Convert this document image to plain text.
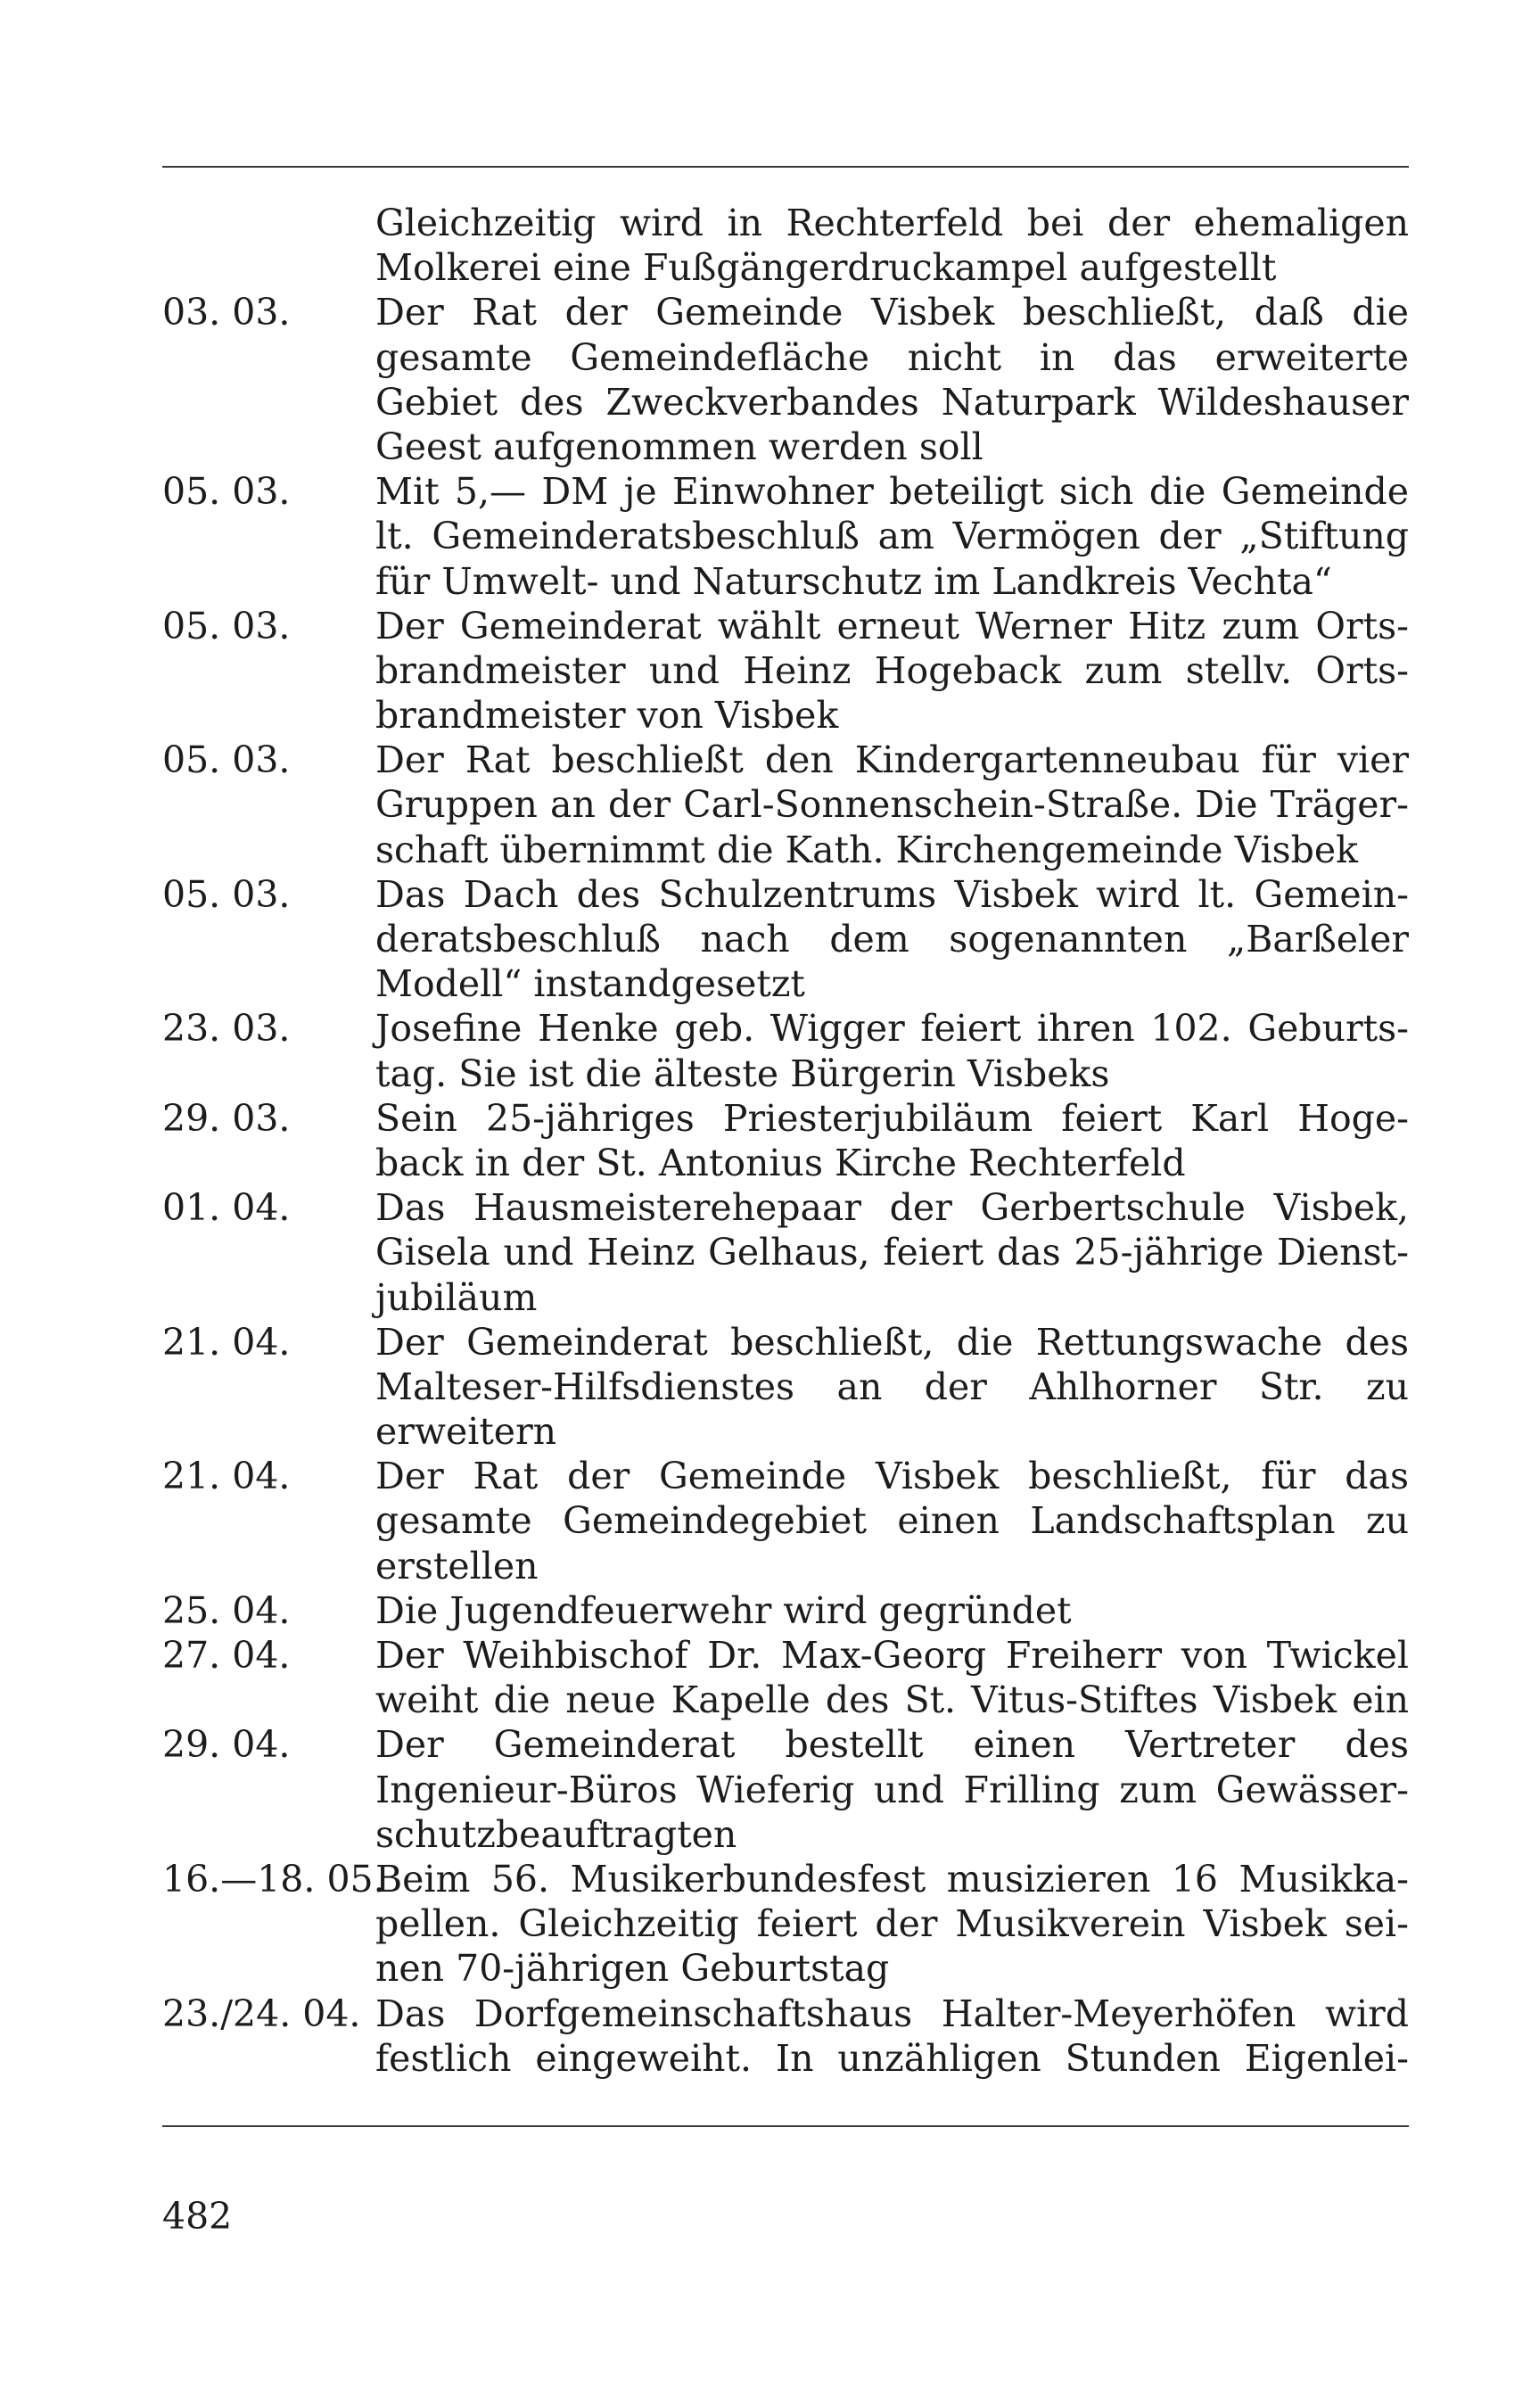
Gleichzeitig wird in Rechterfeld bei der ehemaligen
Molkerei eine Fußgängerdruckampel aufgestellt
03. 03. Der Rat der Gemeinde Visbek beschließt, daß die
gesamte Gemeindefläche nicht in das erweiterte
Gebiet des Zweckverbandes Naturpark Wildeshauser
Geest aufgenommen werden soll
05. 03. Mit 5,— DM je Einwohner beteiligt sich die Gemeinde
lt. Gemeinderatsbeschluß am Vermögen der „Stiftung
für Umwelt- und Naturschutz im Landkreis Vechta“
05. 03. Der Gemeinderat wählt erneut Werner Hitz zum Orts-
brandmeister und Heinz Hogeback zum stellv. Orts-
brandmeister von Visbek
05. 03. Der Rat beschließt den Kindergartenneubau für vier
Gruppen an der Carl-Sonnenschein-Straße. Die Träger-
schaft übernimmt die Kath. Kirchengemeinde Visbek
05. 03. Das Dach des Schulzentrums Visbek wird lt. Gemein-
deratsbeschluß nach dem sogenannten „Barßeler
Modell“ instandgesetzt
23. 03. Josefine Henke geb. Wigger feiert ihren 102. Geburts-
tag. Sie ist die älteste Bürgerin Visbeks
29. 03. Sein 25-jähriges Priesterjubiläum feiert Karl Hoge-
back in der St. Antonius Kirche Rechterfeld
01. 04. Das Hausmeisterehepaar der Gerbertschule Visbek,
Gisela und Heinz Gelhaus, feiert das 25-jährige Dienst-
jubiläum
21. 04. Der Gemeinderat beschließt, die Rettungswache des
Malteser-Hilfsdienstes an der Ahlhorner Str. zu
erweitern
21. 04. Der Rat der Gemeinde Visbek beschließt, für das
gesamte Gemeindegebiet einen Landschaftsplan zu
erstellen
25. 04. Die Jugendfeuerwehr wird gegründet
27. 04. Der Weihbischof Dr. Max-Georg Freiherr von Twickel
weiht die neue Kapelle des St. Vitus-Stiftes Visbek ein
29. 04. Der Gemeinderat bestellt einen Vertreter des
Ingenieur-Büros Wieferig und Frilling zum Gewässer-
schutzbeauftragten
16.—18. 05.
Beim 56. Musikerbundesfest musizieren 16 Musikka-
pellen. Gleichzeitig feiert der Musikverein Visbek sei-
nen 70-jährigen Geburtstag
23./24. 04. Das Dorfgemeinschaftshaus Halter-Meyerhöfen wird
festlich eingeweiht. In unzähligen Stunden Eigenlei-
482
